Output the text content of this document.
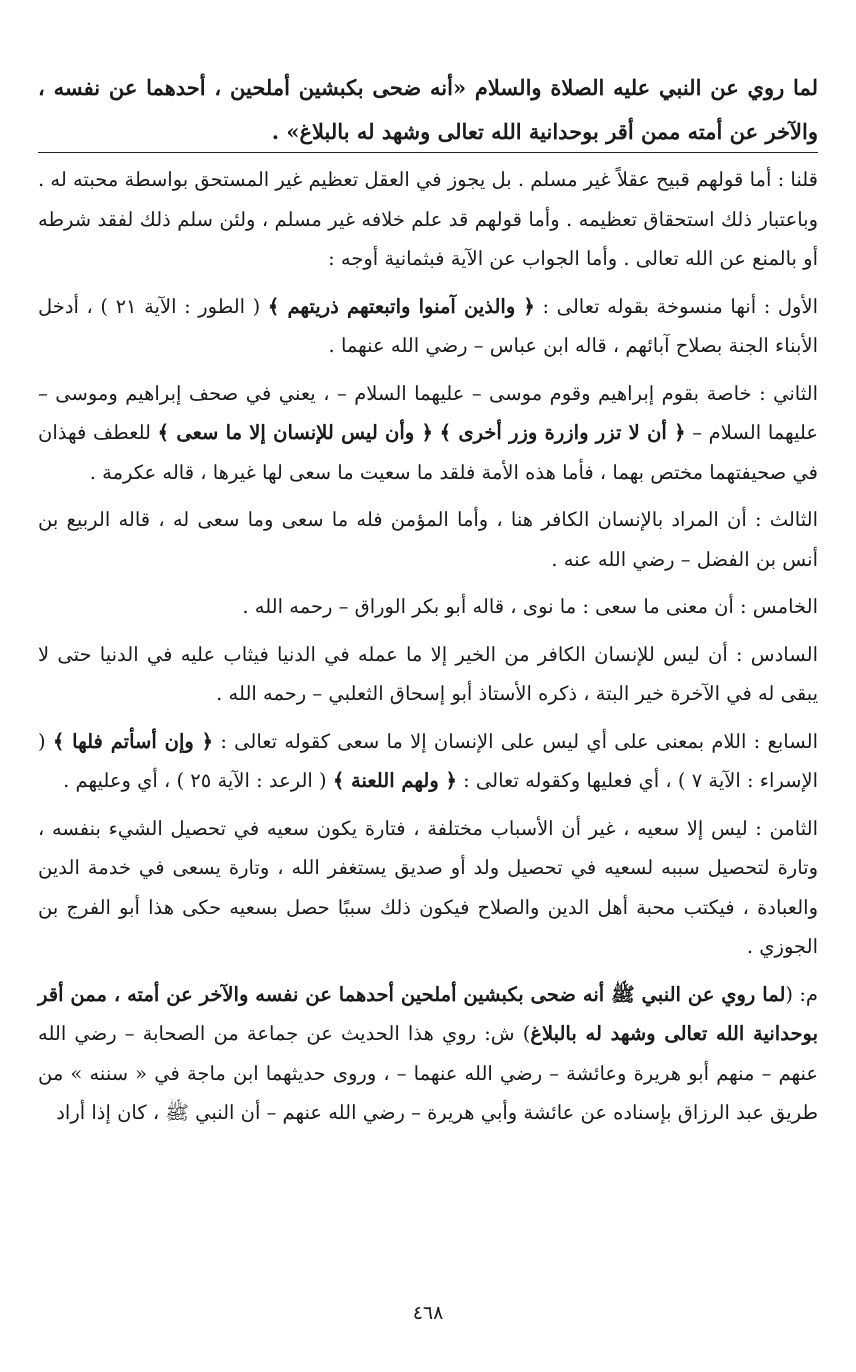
لما روي عن النبي عليه الصلاة والسلام «أنه ضحى بكبشين أملحين ، أحدهما عن نفسه ، والآخر عن أمته ممن أقر بوحدانية الله تعالى وشهد له بالبلاغ» .

قلنا : أما قولهم قبيح عقلاً غير مسلم . بل يجوز في العقل تعظيم غير المستحق بواسطة محبته له . وباعتبار ذلك استحقاق تعظيمه . وأما قولهم قد علم خلافه غير مسلم ، ولئن سلم ذلك لفقد شرطه أو بالمنع عن الله تعالى . وأما الجواب عن الآية فبثمانية أوجه :

الأول : أنها منسوخة بقوله تعالى : ﴿ والذين آمنوا واتبعتهم ذريتهم ﴾ ( الطور : الآية ٢١ ) ، أدخل الأبناء الجنة بصلاح آبائهم ، قاله ابن عباس – رضي الله عنهما .

الثاني : خاصة بقوم إبراهيم وقوم موسى – عليهما السلام – ، يعني في صحف إبراهيم وموسى – عليهما السلام – ﴿ أن لا تزر وازرة وزر أخرى ﴾ ﴿ وأن ليس للإنسان إلا ما سعى ﴾ للعطف فهذان في صحيفتهما مختص بهما ، فأما هذه الأمة فلقد ما سعيت ما سعى لها غيرها ، قاله عكرمة .

الثالث : أن المراد بالإنسان الكافر هنا ، وأما المؤمن فله ما سعى وما سعى له ، قاله الربيع بن أنس بن الفضل – رضي الله عنه .

الخامس : أن معنى ما سعى : ما نوى ، قاله أبو بكر الوراق – رحمه الله .

السادس : أن ليس للإنسان الكافر من الخير إلا ما عمله في الدنيا فيثاب عليه في الدنيا حتى لا يبقى له في الآخرة خير البتة ، ذكره الأستاذ أبو إسحاق الثعلبي – رحمه الله .

السابع : اللام بمعنى على أي ليس على الإنسان إلا ما سعى كقوله تعالى : ﴿ وإن أسأتم فلها ﴾ ( الإسراء : الآية ٧ ) ، أي فعليها وكقوله تعالى : ﴿ ولهم اللعنة ﴾ ( الرعد : الآية ٢٥ ) ، أي وعليهم .

الثامن : ليس إلا سعيه ، غير أن الأسباب مختلفة ، فتارة يكون سعيه في تحصيل الشيء بنفسه ، وتارة لتحصيل سببه لسعيه في تحصيل ولد أو صديق يستغفر الله ، وتارة يسعى في خدمة الدين والعبادة ، فيكتب محبة أهل الدين والصلاح فيكون ذلك سببًا حصل بسعيه حكى هذا أبو الفرج بن الجوزي .

م: (لما روي عن النبي ﷺ أنه ضحى بكبشين أملحين أحدهما عن نفسه والآخر عن أمته ، ممن أقر بوحدانية الله تعالى وشهد له بالبلاغ) ش: روي هذا الحديث عن جماعة من الصحابة – رضي الله عنهم – منهم أبو هريرة وعائشة – رضي الله عنهما – ، وروى حديثهما ابن ماجة في « سننه » من طريق عبد الرزاق بإسناده عن عائشة وأبي هريرة – رضي الله عنهم – أن النبي ﷺ ، كان إذا أراد

٤٦٨
